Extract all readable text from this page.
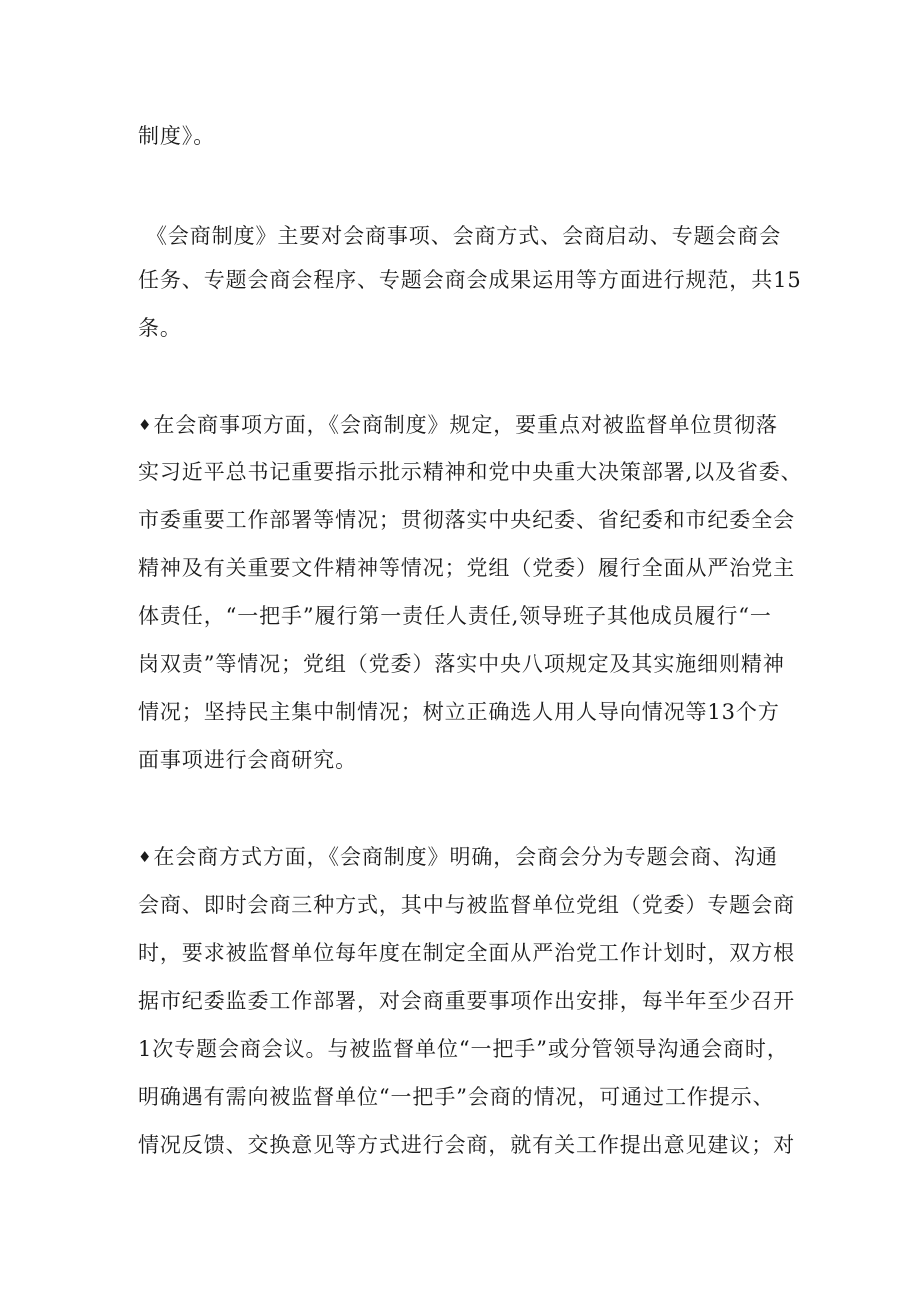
制度》。
《会商制度》主要对会商事项、会商方式、会商启动、专题会商会
任务、专题会商会程序、专题会商会成果运用等方面进行规范，共15
条。
♦在会商事项方面，《会商制度》规定，要重点对被监督单位贯彻落
实习近平总书记重要指示批示精神和党中央重大决策部署,以及省委、
市委重要工作部署等情况；贯彻落实中央纪委、省纪委和市纪委全会
精神及有关重要文件精神等情况；党组（党委）履行全面从严治党主
体责任，“一把手”履行第一责任人责任,领导班子其他成员履行“一
岗双责”等情况；党组（党委）落实中央八项规定及其实施细则精神
情况；坚持民主集中制情况；树立正确选人用人导向情况等13个方
面事项进行会商研究。
♦在会商方式方面，《会商制度》明确，会商会分为专题会商、沟通
会商、即时会商三种方式，其中与被监督单位党组（党委）专题会商
时，要求被监督单位每年度在制定全面从严治党工作计划时，双方根
据市纪委监委工作部署，对会商重要事项作出安排，每半年至少召开
1次专题会商会议。与被监督单位“一把手”或分管领导沟通会商时，
明确遇有需向被监督单位“一把手”会商的情况，可通过工作提示、
情况反馈、交换意见等方式进行会商，就有关工作提出意见建议；对
